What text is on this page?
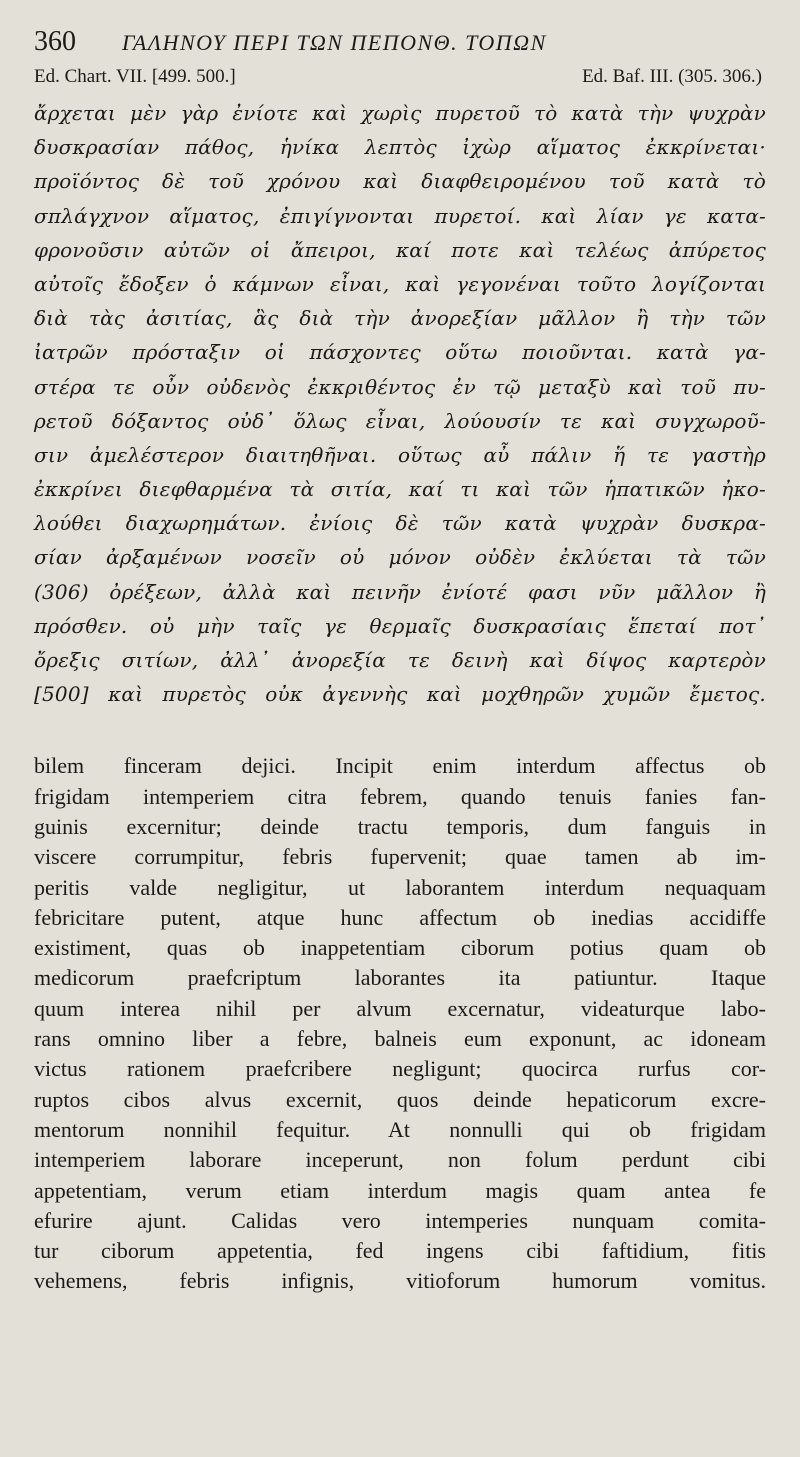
360	ΓΑΛΗΝΟΥ ΠΕΡΙ ΤΩΝ ΠΕΠΟΝΘ. ΤΟΠΩΝ
Ed. Chart. VII. [499. 500.]	Ed. Baf. III. (305. 306.)
ἄρχεται μὲν γὰρ ἐνίοτε καὶ χωρὶς πυρετοῦ τὸ κατὰ τὴν ψυχρὰν
δυσκρασίαν πάθος, ἡνίκα λεπτὸς ἰχὼρ αἵματος ἐκκρίνεται·
προϊόντος δὲ τοῦ χρόνου καὶ διαφθειρομένου τοῦ κατὰ τὸ
σπλάγχνον αἵματος, ἐπιγίγνονται πυρετοί. καὶ λίαν γε κατα-
φρονοῦσιν αὐτῶν οἱ ἄπειροι, καί ποτε καὶ τελέως ἀπύρετος
αὐτοῖς ἔδοξεν ὁ κάμνων εἶναι, καὶ γεγονέναι τοῦτο λογίζονται
διὰ τὰς ἀσιτίας, ἃς διὰ τὴν ἀνορεξίαν μᾶλλον ἢ τὴν τῶν
ἰατρῶν πρόσταξιν οἱ πάσχοντες οὕτω ποιοῦνται. κατὰ γα-
στέρα τε οὖν οὐδενὸς ἐκκριθέντος ἐν τῷ μεταξὺ καὶ τοῦ πυ-
ρετοῦ δόξαντος οὐδ᾽ ὅλως εἶναι, λούουσίν τε καὶ συγχωροῦ-
σιν ἀμελέστερον διαιτηθῆναι. οὕτως αὖ πάλιν ἥ τε γαστὴρ
ἐκκρίνει διεφθαρμένα τὰ σιτία, καί τι καὶ τῶν ἡπατικῶν ἠκο-
λούθει διαχωρημάτων. ἐνίοις δὲ τῶν κατὰ ψυχρὰν δυσκρα-
σίαν ἀρξαμένων νοσεῖν οὐ μόνον οὐδὲν ἐκλύεται τὰ τῶν
(306) ὀρέξεων, ἀλλὰ καὶ πεινῆν ἐνίοτέ φασι νῦν μᾶλλον ἢ
πρόσθεν. οὐ μὴν ταῖς γε θερμαῖς δυσκρασίαις ἕπεταί ποτ᾽
ὄρεξις σιτίων, ἀλλ᾽ ἀνορεξία τε δεινὴ καὶ δίψος καρτερὸν
[500] καὶ πυρετὸς οὐκ ἀγεννὴς καὶ μοχθηρῶν χυμῶν ἔμετος.
bilem finceram dejici. Incipit enim interdum affectus ob
frigidam intemperiem citra febrem, quando tenuis fanies fan-
guinis excernitur; deinde tractu temporis, dum fanguis in
viscere corrumpitur, febris fupervenit; quae tamen ab im-
peritis valde negligitur, ut laborantem interdum nequaquam
febricitare putent, atque hunc affectum ob inedias accidiffe
existiment, quas ob inappetentiam ciborum potius quam ob
medicorum praefcriptum laborantes ita patiuntur. Itaque
quum interea nihil per alvum excernatur, videaturque labo-
rans omnino liber a febre, balneis eum exponunt, ac idoneam
victus rationem praefcribere negligunt; quocirca rurfus cor-
ruptos cibos alvus excernit, quos deinde hepaticorum excre-
mentorum nonnihil fequitur. At nonnulli qui ob frigidam
intemperiem laborare inceperunt, non folum perdunt cibi
appetentiam, verum etiam interdum magis quam antea fe
efurire ajunt. Calidas vero intemperies nunquam comita-
tur ciborum appetentia, fed ingens cibi faftidium, fitis
vehemens, febris infignis, vitioforum humorum vomitus.
